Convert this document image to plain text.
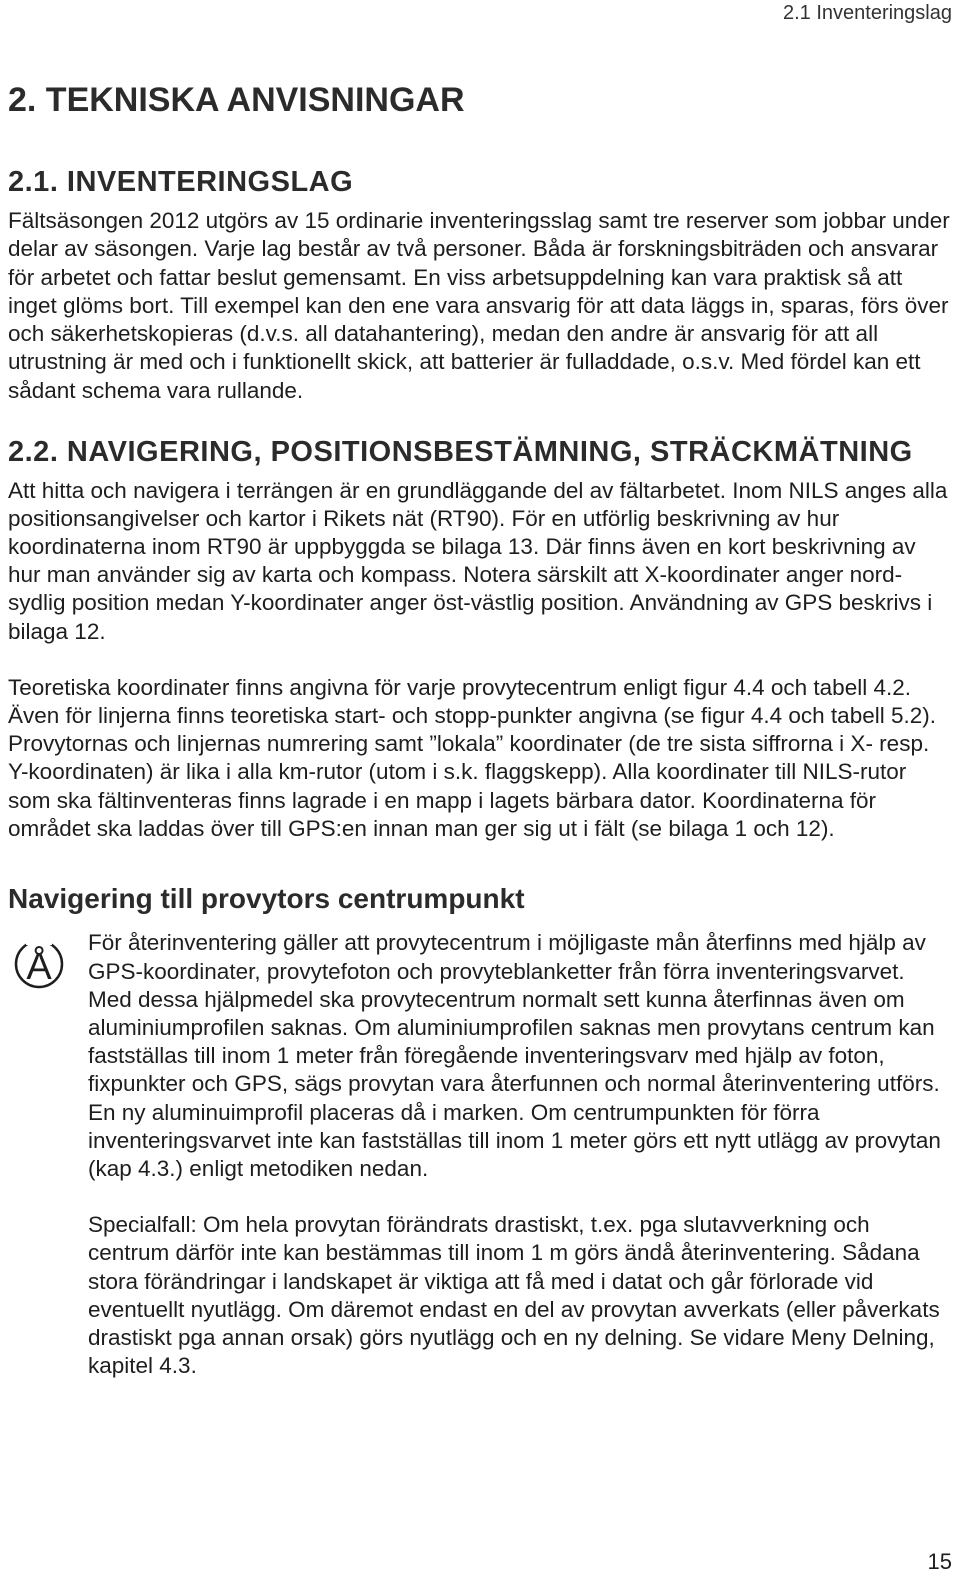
2.1 Inventeringslag
2. TEKNISKA ANVISNINGAR
2.1. INVENTERINGSLAG

Fältsäsongen 2012 utgörs av 15 ordinarie inventeringsslag samt tre reserver som jobbar under delar av säsongen. Varje lag består av två personer. Båda är forskningsbiträden och ansvarar för arbetet och fattar beslut gemensamt. En viss arbetsuppdelning kan vara praktisk så att inget glöms bort. Till exempel kan den ene vara ansvarig för att data läggs in, sparas, förs över och säkerhetskopieras (d.v.s. all datahantering), medan den andre är ansvarig för att all utrustning är med och i funktionellt skick, att batterier är fulladdade, o.s.v. Med fördel kan ett sådant schema vara rullande.

2.2. NAVIGERING, POSITIONSBESTÄMNING, STRÄCKMÄTNING

Att hitta och navigera i terrängen är en grundläggande del av fältarbetet. Inom NILS anges alla positionsangivelser och kartor i Rikets nät (RT90). För en utförlig beskrivning av hur koordinaterna inom RT90 är uppbyggda se bilaga 13. Där finns även en kort beskrivning av hur man använder sig av karta och kompass. Notera särskilt att X-koordinater anger nord-sydlig position medan Y-koordinater anger öst-västlig position. Användning av GPS beskrivs i bilaga 12.

Teoretiska koordinater finns angivna för varje provytecentrum enligt figur 4.4 och tabell 4.2. Även för linjerna finns teoretiska start- och stopp-punkter angivna (se figur 4.4 och tabell 5.2). Provytornas och linjernas numrering samt ”lokala” koordinater (de tre sista siffrorna i X- resp. Y-koordinaten) är lika i alla km-rutor (utom i s.k. flaggskepp). Alla koordinater till NILS-rutor som ska fältinventeras finns lagrade i en mapp i lagets bärbara dator. Koordinaterna för området ska laddas över till GPS:en innan man ger sig ut i fält (se bilaga 1 och 12).

Navigering till provytors centrumpunkt
Å

För återinventering gäller att provytecentrum i möjligaste mån återfinns med hjälp av GPS-koordinater, provytefoton och provyteblanketter från förra inventeringsvarvet. Med dessa hjälpmedel ska provytecentrum normalt sett kunna återfinnas även om aluminiumprofilen saknas. Om aluminiumprofilen saknas men provytans centrum kan fastställas till inom 1 meter från föregående inventeringsvarv med hjälp av foton, fixpunkter och GPS, sägs provytan vara återfunnen och normal återinventering utförs. En ny aluminuimprofil placeras då i marken. Om centrumpunkten för förra inventeringsvarvet inte kan fastställas till inom 1 meter görs ett nytt utlägg av provytan (kap 4.3.) enligt metodiken nedan.

Specialfall: Om hela provytan förändrats drastiskt, t.ex. pga slutavverkning och centrum därför inte kan bestämmas till inom 1 m görs ändå återinventering. Sådana stora förändringar i landskapet är viktiga att få med i datat och går förlorade vid eventuellt nyutlägg. Om däremot endast en del av provytan avverkats (eller påverkats drastiskt pga annan orsak) görs nyutlägg och en ny delning. Se vidare Meny Delning, kapitel 4.3.

15
